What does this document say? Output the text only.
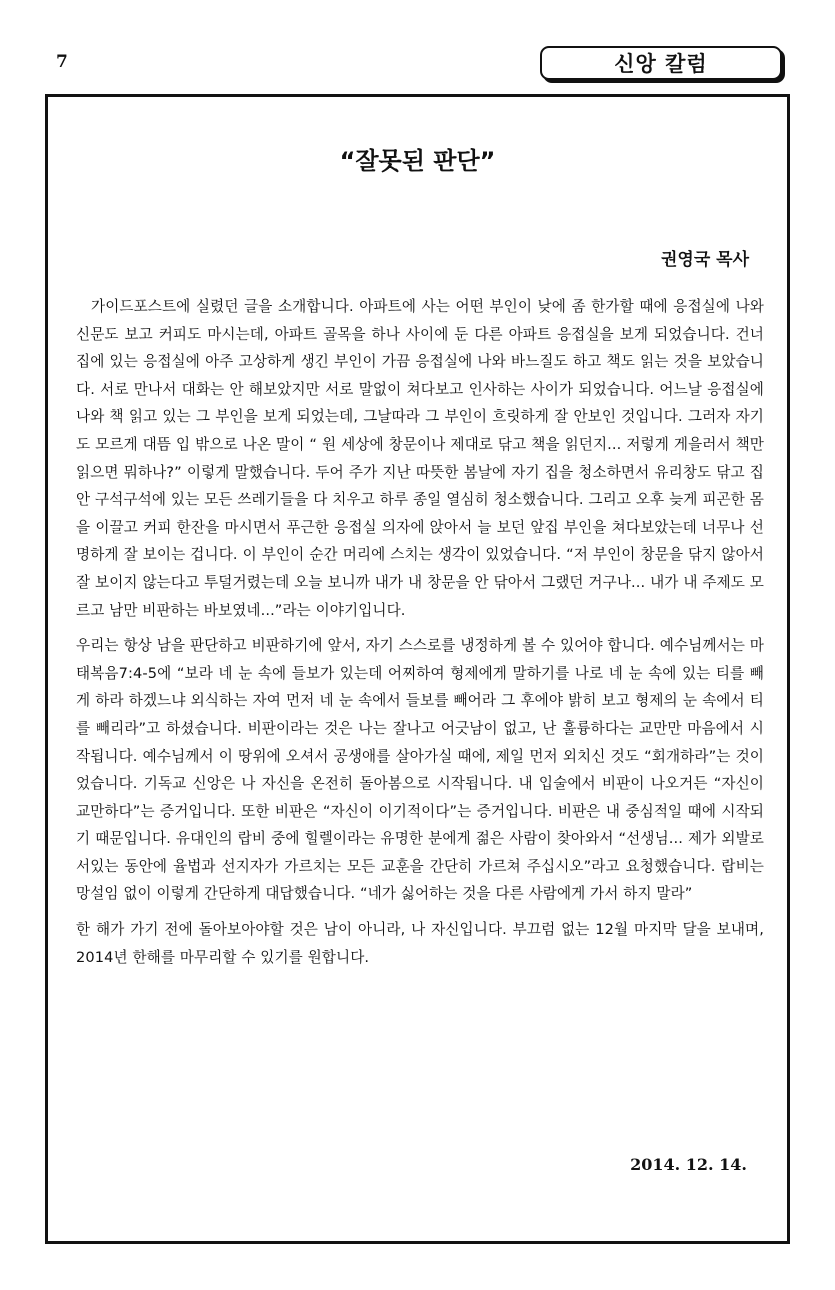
7	신앙 칼럼
“잘못된 판단”
권영국 목사

가이드포스트에 실렸던 글을 소개합니다. 아파트에 사는 어떤 부인이 낮에 좀 한가할 때에 응접실에 나와 신문도 보고 커피도 마시는데, 아파트 골목을 하나 사이에 둔 다른 아파트 응접실을 보게 되었습니다. 건너 집에 있는 응접실에 아주 고상하게 생긴 부인이 가끔 응접실에 나와 바느질도 하고 책도 읽는 것을 보았습니다. 서로 만나서 대화는 안 해보았지만 서로 말없이 쳐다보고 인사하는 사이가 되었습니다. 어느날 응접실에 나와 책 읽고 있는 그 부인을 보게 되었는데, 그날따라 그 부인이 흐릿하게 잘 안보인 것입니다. 그러자 자기도 모르게 대뜸 입 밖으로 나온 말이 “ 원 세상에 창문이나 제대로 닦고 책을 읽던지... 저렇게 게을러서 책만 읽으면 뭐하나?” 이렇게 말했습니다. 두어 주가 지난 따뜻한 봄날에 자기 집을 청소하면서 유리창도 닦고 집안 구석구석에 있는 모든 쓰레기들을 다 치우고 하루 종일 열심히 청소했습니다. 그리고 오후 늦게 피곤한 몸을 이끌고 커피 한잔을 마시면서 푸근한 응접실 의자에 앉아서 늘 보던 앞집 부인을 쳐다보았는데 너무나 선명하게 잘 보이는 겁니다. 이 부인이 순간 머리에 스치는 생각이 있었습니다. “저 부인이 창문을 닦지 않아서 잘 보이지 않는다고 투덜거렸는데 오늘 보니까 내가 내 창문을 안 닦아서 그랬던 거구나... 내가 내 주제도 모르고 남만 비판하는 바보였네...”라는 이야기입니다.

우리는 항상 남을 판단하고 비판하기에 앞서, 자기 스스로를 냉정하게 볼 수 있어야 합니다. 예수님께서는 마태복음7:4-5에 “보라 네 눈 속에 들보가 있는데 어찌하여 형제에게 말하기를 나로 네 눈 속에 있는 티를 빼게 하라 하겠느냐 외식하는 자여 먼저 네 눈 속에서 들보를 빼어라 그 후에야 밝히 보고 형제의 눈 속에서 티를 빼리라”고 하셨습니다. 비판이라는 것은 나는 잘나고 어긋남이 없고, 난 훌륭하다는 교만만 마음에서 시작됩니다. 예수님께서 이 땅위에 오셔서 공생애를 살아가실 때에, 제일 먼저 외치신 것도 “회개하라”는 것이었습니다. 기독교 신앙은 나 자신을 온전히 돌아봄으로 시작됩니다. 내 입술에서 비판이 나오거든 “자신이 교만하다”는 증거입니다. 또한 비판은 “자신이 이기적이다”는 증거입니다. 비판은 내 중심적일 때에 시작되기 때문입니다. 유대인의 랍비 중에 힐렐이라는 유명한 분에게 젊은 사람이 찾아와서 “선생님... 제가 외발로 서있는 동안에 율법과 선지자가 가르치는 모든 교훈을 간단히 가르쳐 주십시오”라고 요청했습니다. 랍비는 망설임 없이 이렇게 간단하게 대답했습니다. “네가 싫어하는 것을 다른 사람에게 가서 하지 말라”

한 해가 가기 전에 돌아보아야할 것은 남이 아니라, 나 자신입니다. 부끄럼 없는 12월 마지막 달을 보내며, 2014년 한해를 마무리할 수 있기를 원합니다.

2014. 12. 14.
